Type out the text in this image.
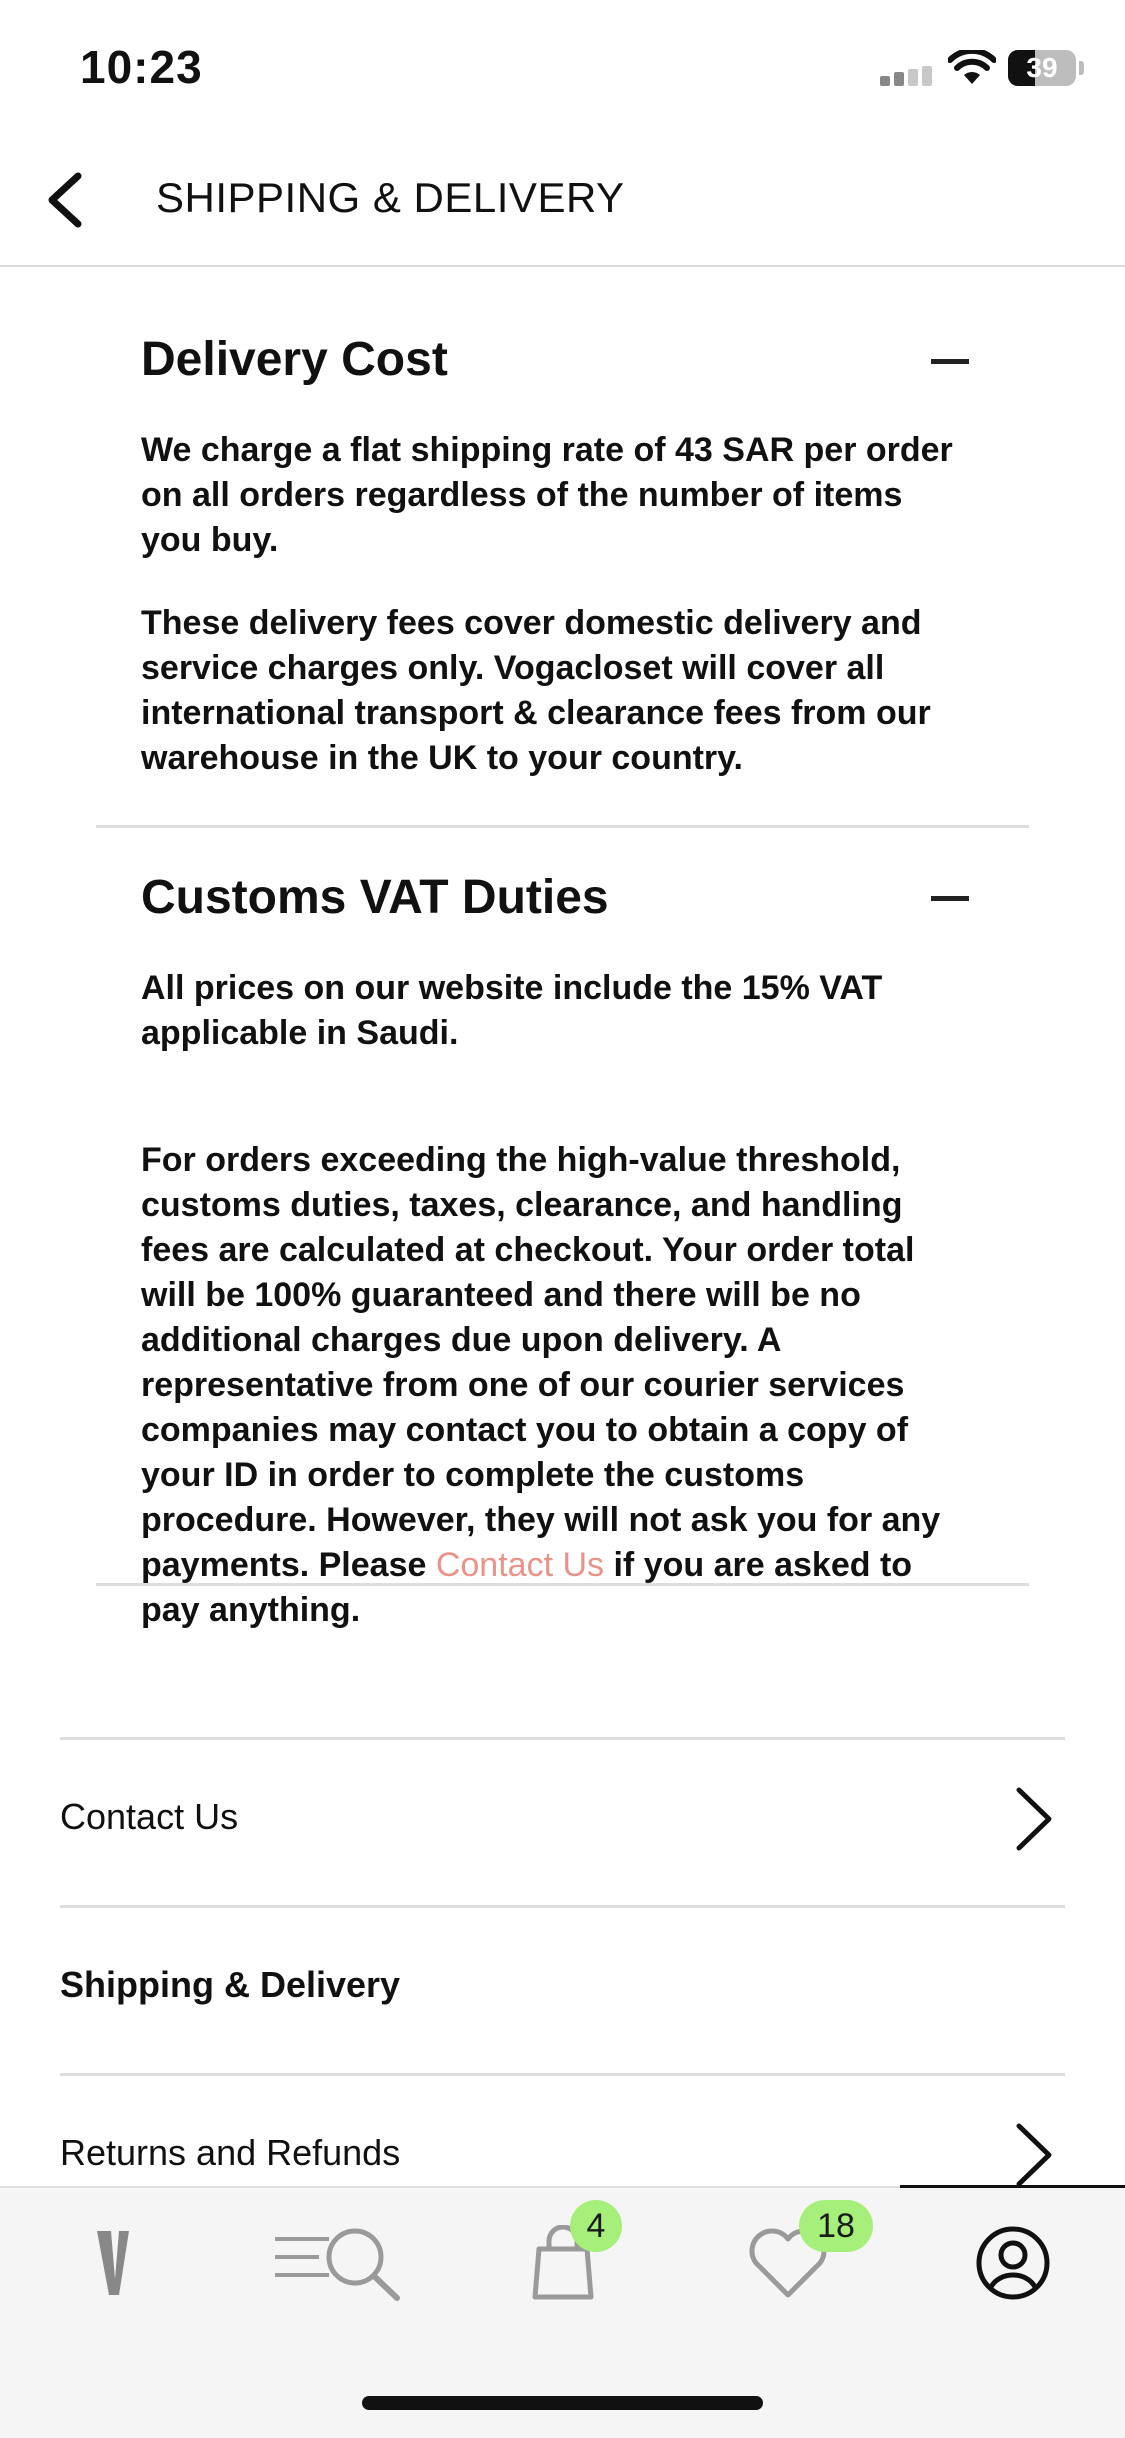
10:23	39
SHIPPING & DELIVERY
Delivery Cost
We charge a flat shipping rate of 43 SAR per order on all orders regardless of the number of items you buy.
These delivery fees cover domestic delivery and service charges only. Vogacloset will cover all international transport & clearance fees from our warehouse in the UK to your country.
Customs VAT Duties
All prices on our website include the 15% VAT applicable in Saudi.
For orders exceeding the high-value threshold, customs duties, taxes, clearance, and handling fees are calculated at checkout. Your order total will be 100% guaranteed and there will be no additional charges due upon delivery. A representative from one of our courier services companies may contact you to obtain a copy of your ID in order to complete the customs procedure. However, they will not ask you for any payments. Please Contact Us if you are asked to pay anything.
Contact Us
Shipping & Delivery
Returns and Refunds
4	18
